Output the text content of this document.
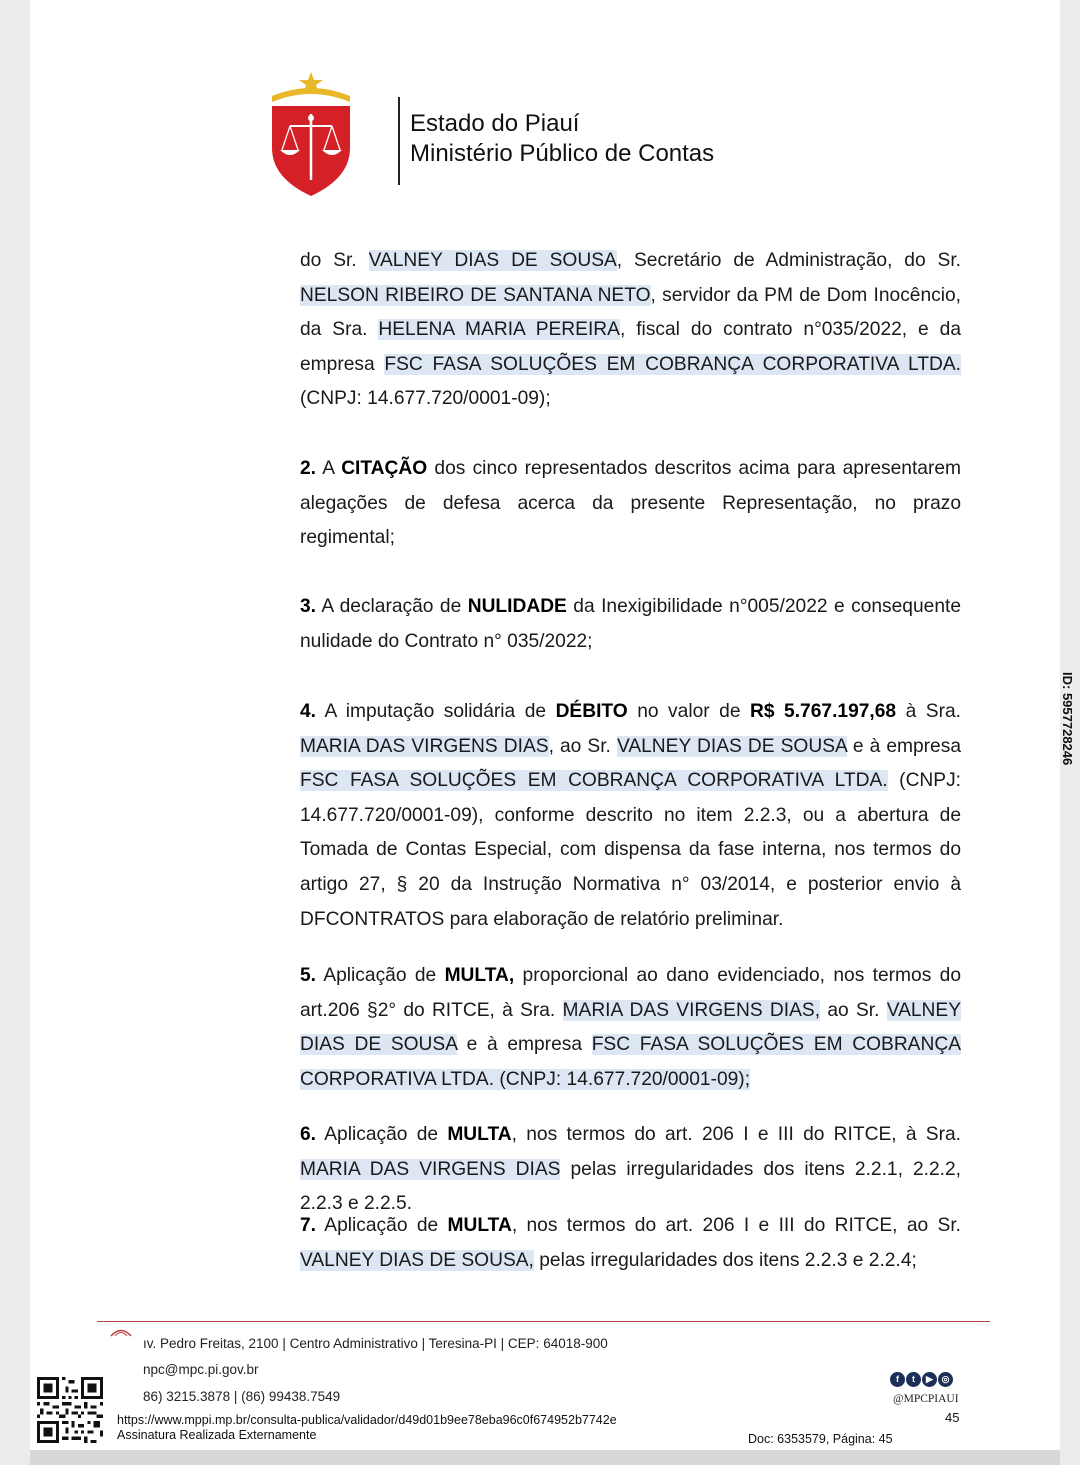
Estado do Piauí
Ministério Público de Contas
do Sr. VALNEY DIAS DE SOUSA, Secretário de Administração, do Sr. NELSON RIBEIRO DE SANTANA NETO, servidor da PM de Dom Inocêncio, da Sra. HELENA MARIA PEREIRA, fiscal do contrato n°035/2022, e da empresa FSC FASA SOLUÇÕES EM COBRANÇA CORPORATIVA LTDA. (CNPJ: 14.677.720/0001-09);
2. A CITAÇÃO dos cinco representados descritos acima para apresentarem alegações de defesa acerca da presente Representação, no prazo regimental;
3. A declaração de NULIDADE da Inexigibilidade n°005/2022 e consequente nulidade do Contrato n° 035/2022;
4. A imputação solidária de DÉBITO no valor de R$ 5.767.197,68 à Sra. MARIA DAS VIRGENS DIAS, ao Sr. VALNEY DIAS DE SOUSA e à empresa FSC FASA SOLUÇÕES EM COBRANÇA CORPORATIVA LTDA. (CNPJ: 14.677.720/0001-09), conforme descrito no item 2.2.3, ou a abertura de Tomada de Contas Especial, com dispensa da fase interna, nos termos do artigo 27, § 20 da Instrução Normativa n° 03/2014, e posterior envio à DFCONTRATOS para elaboração de relatório preliminar.
5. Aplicação de MULTA, proporcional ao dano evidenciado, nos termos do art.206 §2° do RITCE, à Sra. MARIA DAS VIRGENS DIAS, ao Sr. VALNEY DIAS DE SOUSA e à empresa FSC FASA SOLUÇÕES EM COBRANÇA CORPORATIVA LTDA. (CNPJ: 14.677.720/0001-09);
6. Aplicação de MULTA, nos termos do art. 206 I e III do RITCE, à Sra. MARIA DAS VIRGENS DIAS pelas irregularidades dos itens 2.2.1, 2.2.2, 2.2.3 e 2.2.5.
7. Aplicação de MULTA, nos termos do art. 206 I e III do RITCE, ao Sr. VALNEY DIAS DE SOUSA, pelas irregularidades dos itens 2.2.3 e 2.2.4;
ID: 5957728246
ıv. Pedro Freitas, 2100 | Centro Administrativo | Teresina-PI | CEP: 64018-900
npc@mpc.pi.gov.br
86) 3215.3878 | (86) 99438.7549
https://www.mppi.mp.br/consulta-publica/validador/d49d01b9ee78eba96c0f674952b7742e
Assinatura Realizada Externamente	Doc: 6353579, Página: 45
f t ▶ ◎
@MPCPIAUI
45
